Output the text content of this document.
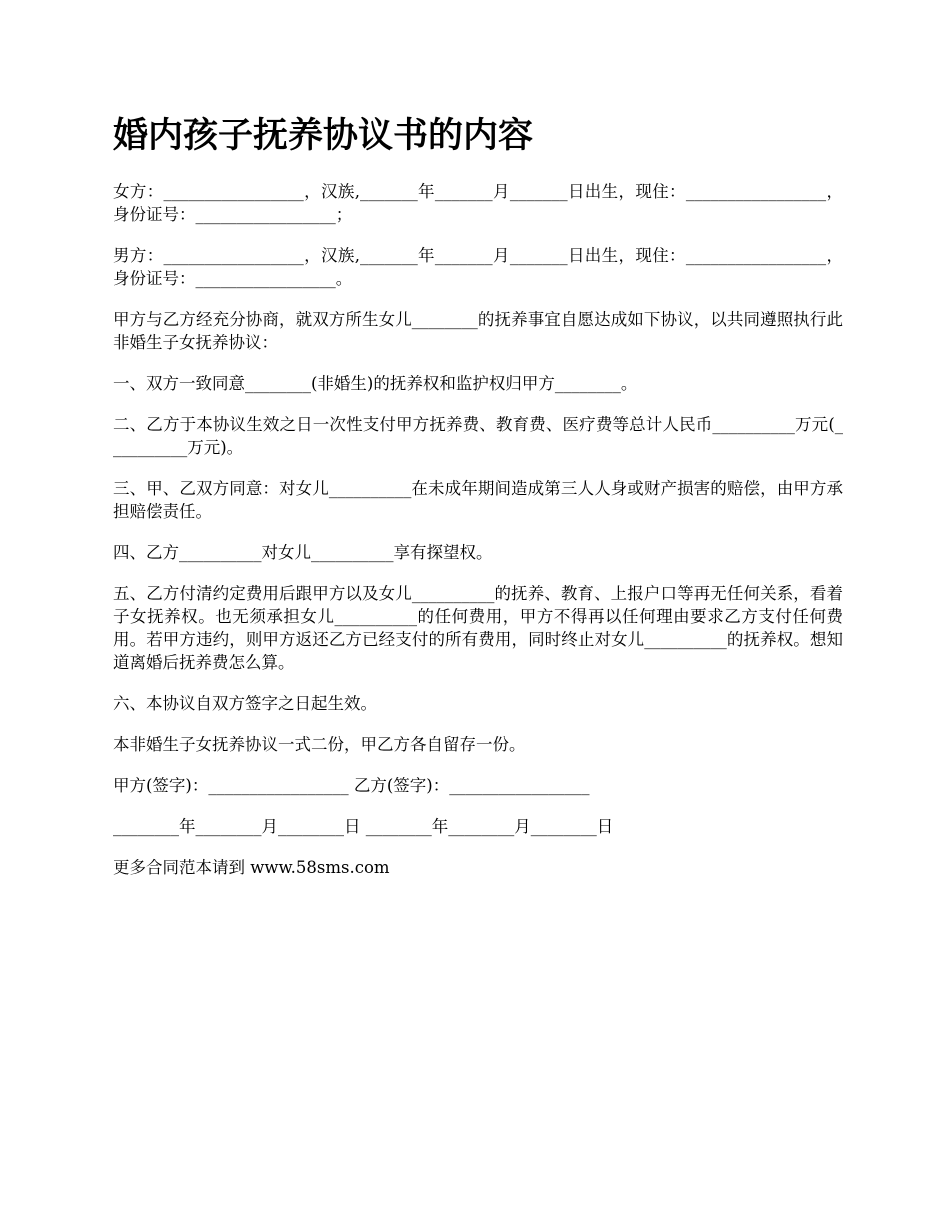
婚内孩子抚养协议书的内容

女方：_________________，汉族,_______年_______月_______日出生，现住：_________________，身份证号：_________________；

男方：_________________，汉族,_______年_______月_______日出生，现住：_________________，身份证号：_________________。

甲方与乙方经充分协商，就双方所生女儿________的抚养事宜自愿达成如下协议，以共同遵照执行此非婚生子女抚养协议：

一、双方一致同意________(非婚生)的抚养权和监护权归甲方________。

二、乙方于本协议生效之日一次性支付甲方抚养费、教育费、医疗费等总计人民币__________万元(__________万元)。

三、甲、乙双方同意：对女儿__________在未成年期间造成第三人人身或财产损害的赔偿，由甲方承担赔偿责任。

四、乙方__________对女儿__________享有探望权。

五、乙方付清约定费用后跟甲方以及女儿__________的抚养、教育、上报户口等再无任何关系，看着子女抚养权。也无须承担女儿__________的任何费用，甲方不得再以任何理由要求乙方支付任何费用。若甲方违约，则甲方返还乙方已经支付的所有费用，同时终止对女儿__________的抚养权。想知道离婚后抚养费怎么算。

六、本协议自双方签字之日起生效。

本非婚生子女抚养协议一式二份，甲乙方各自留存一份。

甲方(签字)：_________________ 乙方(签字)：_________________

________年________月________日 ________年________月________日

更多合同范本请到 www.58sms.com
